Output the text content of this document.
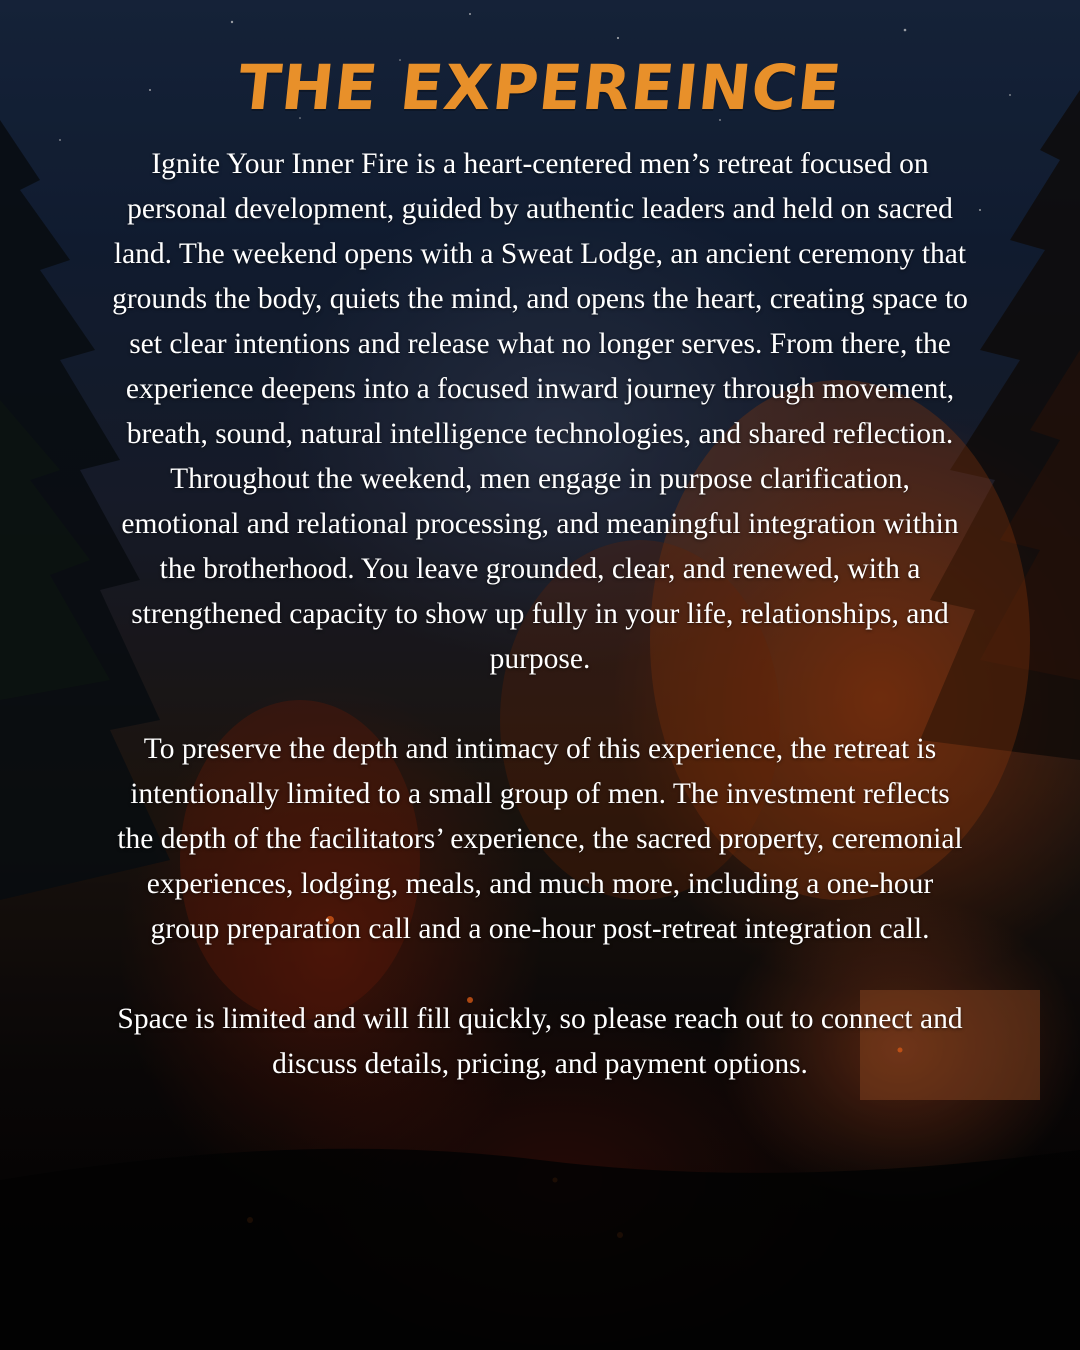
THE EXPEREINCE

Ignite Your Inner Fire is a heart-centered men’s retreat focused on personal development, guided by authentic leaders and held on sacred land. The weekend opens with a Sweat Lodge, an ancient ceremony that grounds the body, quiets the mind, and opens the heart, creating space to set clear intentions and release what no longer serves. From there, the experience deepens into a focused inward journey through movement, breath, sound, natural intelligence technologies, and shared reflection. Throughout the weekend, men engage in purpose clarification, emotional and relational processing, and meaningful integration within the brotherhood. You leave grounded, clear, and renewed, with a strengthened capacity to show up fully in your life, relationships, and purpose.

To preserve the depth and intimacy of this experience, the retreat is intentionally limited to a small group of men. The investment reflects the depth of the facilitators’ experience, the sacred property, ceremonial experiences, lodging, meals, and much more, including a one-hour group preparation call and a one-hour post-retreat integration call.

Space is limited and will fill quickly, so please reach out to connect and discuss details, pricing, and payment options.
